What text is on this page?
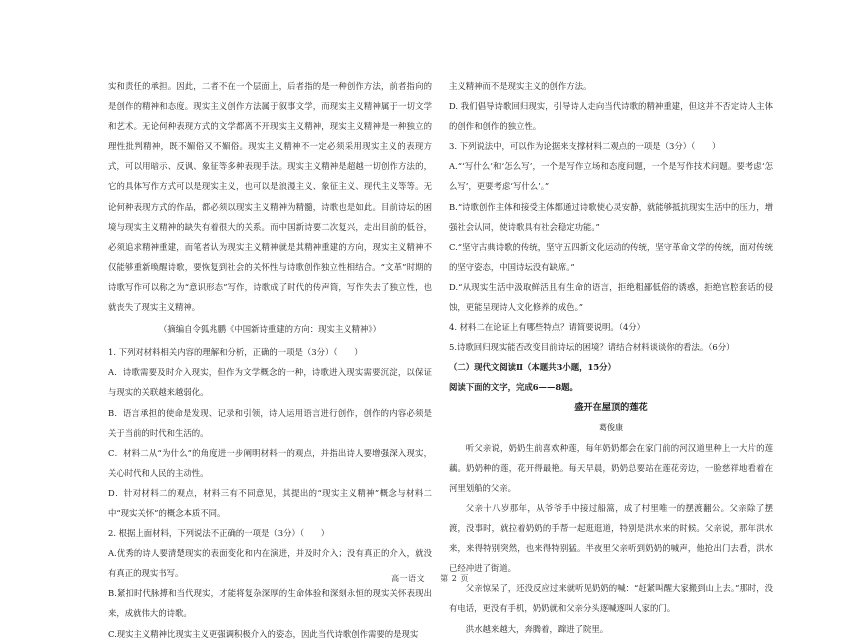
实和责任的承担。因此，二者不在一个层面上，后者指的是一种创作方法，前者指向的是创作的精神和态度。现实主义创作方法属于叙事文学，而现实主义精神属于一切文学和艺术。无论何种表现方式的文学都离不开现实主义精神，现实主义精神是一种独立的理性批判精神，既不媚俗又不媚俗。现实主义精神不一定必须采用现实主义的表现方式，可以用暗示、反讽、象征等多种表现手法。现实主义精神是超越一切创作方法的，它的具体写作方式可以是现实主义，也可以是浪漫主义、象征主义、现代主义等等。无论何种表现方式的作品，都必须以现实主义精神为精髓，诗歌也是如此。目前诗坛的困境与现实主义精神的缺失有着很大的关系。而中国新诗要二次复兴，走出目前的低谷，必须追求精神重建，而笔者认为现实主义精神就是其精神重建的方向，现实主义精神不仅能够重新唤醒诗歌，要恢复到社会的关怀性与诗歌创作独立性相结合。“文革”时期的诗歌写作可以称之为“意识形态”写作，诗歌成了时代的传声筒，写作失去了独立性，也就丧失了现实主义精神。

（摘编自令狐兆鹏《中国新诗重建的方向：现实主义精神》）

1. 下列对材料相关内容的理解和分析，正确的一项是（3分）（　　）

A．诗歌需要及时介入现实，但作为文学概念的一种，诗歌进入现实需要沉淀，以保证与现实的关联越来越弱化。

B．语言承担的使命是发现、记录和引领，诗人运用语言进行创作，创作的内容必须是关于当前的时代和生活的。

C．材料二从“为什么”的角度进一步阐明材料一的观点，并指出诗人要增强深入现实，关心时代和人民的主动性。

D．针对材料二的观点，材料三有不同意见，其提出的“现实主义精神”概念与材料二中“现实关怀”的概念本质不同。

2. 根据上面材料，下列说法不正确的一项是（3分）（　　）

A.优秀的诗人要清楚现实的表面变化和内在演进，并及时介入；没有真正的介入，就没有真正的现实书写。

B.紧扣时代脉搏和当代现实，才能将复杂深厚的生命体验和深刻永恒的现实关怀表现出来，成就伟大的诗歌。

C.现实主义精神比现实主义更强调积极介入的姿态，因此当代诗歌创作需要的是现实

主义精神而不是现实主义的创作方法。

D. 我们倡导诗歌回归现实，引导诗人走向当代诗歌的精神重建，但这并不否定诗人主体的创作和创作的独立性。

3. 下列说法中，可以作为论据来支撑材料二观点的一项是（3分）（　　）

A.“‘写什么’和‘怎么写’，一个是写作立场和态度问题，一个是写作技术问题。要考虑‘怎么写’，更要考虑‘写什么’。”

B.“诗歌创作主体和接受主体都通过诗歌使心灵安静，就能够抵抗现实生活中的压力，增强社会认同，使诗歌具有社会稳定功能。”

C.“坚守古典诗歌的传统，坚守五四新文化运动的传统，坚守革命文学的传统，面对传统的坚守姿态，中国诗坛没有缺席。”

D.“从现实生活中汲取鲜活且有生命的语言，拒绝粗鄙低俗的诱惑，拒绝官腔套话的侵蚀，更能呈现诗人文化修养的成色。”

4. 材料二在论证上有哪些特点？请简要说明。（4分）

5.诗歌回归现实能否改变目前诗坛的困境？请结合材料谈谈你的看法。（6分）

（二）现代文阅读Ⅱ（本题共3小题，15分）

阅读下面的文字，完成6——8题。

盛开在屋顶的莲花

葛俊康

听父亲说，奶奶生前喜欢种莲，每年奶奶都会在家门前的河汉道里种上一大片的莲藕。奶奶种的莲，花开得最艳。每天早晨，奶奶总要站在莲花旁边，一脸慈祥地看着在河里划船的父亲。

父亲十八岁那年，从爷爷手中接过船篙，成了村里唯一的摆渡翻公。父亲除了摆渡，没事时，就拉着奶奶的手帮一起逛逛道，特别是洪水来的时候。父亲说，那年洪水来，来得特别突然，也来得特别猛。半夜里父亲听到奶奶的喊声，他抢出门去看，洪水已经冲进了街道。

父亲惊呆了，还没反应过来就听见奶奶的喊：“赶紧叫醒大家搬到山上去。”那时，没有电话，更没有手机，奶奶就和父亲分头逐喊逐叫人家的门。

洪水越来越大，奔腾着，蹿进了院里。

高一语文 第 2 页
